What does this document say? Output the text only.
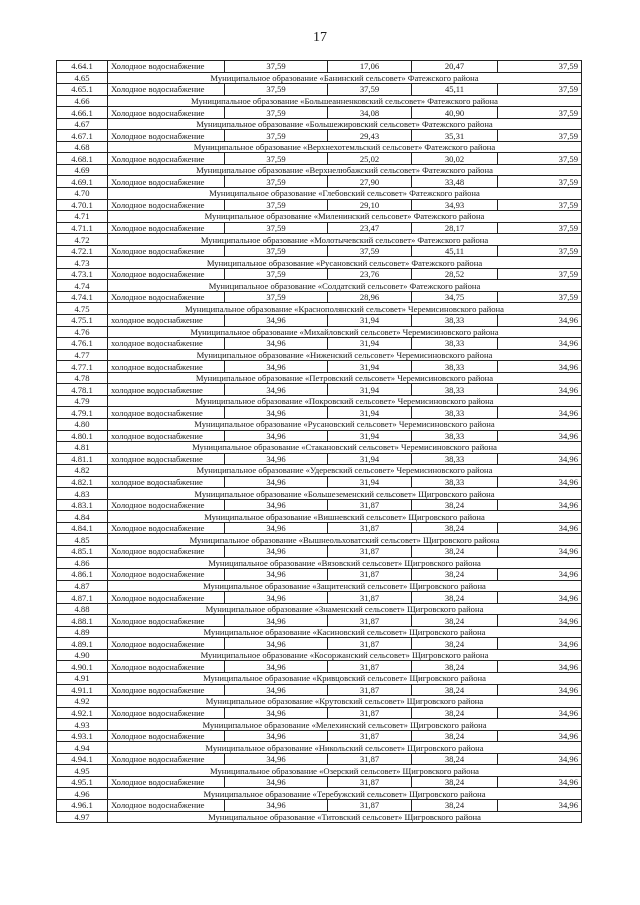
17
4.64.1	Холодное водоснабжение	37,59	17,06	20,47	37,59
4.65	Муниципальное образование «Банинский сельсовет» Фатежского района				
4.65.1	Холодное водоснабжение	37,59	37,59	45,11	37,59
4.66	Муниципальное образование «Большеанненковский сельсовет» Фатежского района				
4.66.1	Холодное водоснабжение	37,59	34,08	40,90	37,59
4.67	Муниципальное образование «Большежировский сельсовет» Фатежского района				
4.67.1	Холодное водоснабжение	37,59	29,43	35,31	37,59
4.68	Муниципальное образование «Верхнехотемльский сельсовет» Фатежского района				
4.68.1	Холодное водоснабжение	37,59	25,02	30,02	37,59
4.69	Муниципальное образование «Верхнелюбажский сельсовет» Фатежского района				
4.69.1	Холодное водоснабжение	37,59	27,90	33,48	37,59
4.70	Муниципальное образование «Глебовский сельсовет» Фатежского района				
4.70.1	Холодное водоснабжение	37,59	29,10	34,93	37,59
4.71	Муниципальное образование «Миленинский сельсовет» Фатежского района				
4.71.1	Холодное водоснабжение	37,59	23,47	28,17	37,59
4.72	Муниципальное образование «Молотычевский сельсовет» Фатежского района				
4.72.1	Холодное водоснабжение	37,59	37,59	45,11	37,59
4.73	Муниципальное образование «Русановский сельсовет» Фатежского района				
4.73.1	Холодное водоснабжение	37,59	23,76	28,52	37,59
4.74	Муниципальное образование «Солдатский сельсовет» Фатежского района				
4.74.1	Холодное водоснабжение	37,59	28,96	34,75	37,59
4.75	Муниципальное образование «Краснополянский сельсовет» Черемисиновского района				
4.75.1	холодное водоснабжение	34,96	31,94	38,33	34,96
4.76	Муниципальное образование «Михайловский сельсовет» Черемисиновского района				
4.76.1	холодное водоснабжение	34,96	31,94	38,33	34,96
4.77	Муниципальное образование «Ниженский сельсовет» Черемисиновского района				
4.77.1	холодное водоснабжение	34,96	31,94	38,33	34,96
4.78	Муниципальное образование «Петровский сельсовет» Черемисиновского района				
4.78.1	холодное водоснабжение	34,96	31,94	38,33	34,96
4.79	Муниципальное образование «Покровский сельсовет» Черемисиновского района				
4.79.1	холодное водоснабжение	34,96	31,94	38,33	34,96
4.80	Муниципальное образование «Русановский сельсовет» Черемисиновского района				
4.80.1	холодное водоснабжение	34,96	31,94	38,33	34,96
4.81	Муниципальное образование «Стакановский сельсовет» Черемисиновского района				
4.81.1	холодное водоснабжение	34,96	31,94	38,33	34,96
4.82	Муниципальное образование «Удеревский сельсовет» Черемисиновского района				
4.82.1	холодное водоснабжение	34,96	31,94	38,33	34,96
4.83	Муниципальное образование «Большеземенский сельсовет» Щигровского района				
4.83.1	Холодное водоснабжение	34,96	31,87	38,24	34,96
4.84	Муниципальное образование «Вишневский сельсовет» Щигровского района				
4.84.1	Холодное водоснабжение	34,96	31,87	38,24	34,96
4.85	Муниципальное образование «Вышнеольховатский сельсовет» Щигровского района				
4.85.1	Холодное водоснабжение	34,96	31,87	38,24	34,96
4.86	Муниципальное образование «Вязовский сельсовет» Щигровского района				
4.86.1	Холодное водоснабжение	34,96	31,87	38,24	34,96
4.87	Муниципальное образование «Защитенский сельсовет» Щигровского района				
4.87.1	Холодное водоснабжение	34,96	31,87	38,24	34,96
4.88	Муниципальное образование «Знаменский сельсовет» Щигровского района				
4.88.1	Холодное водоснабжение	34,96	31,87	38,24	34,96
4.89	Муниципальное образование «Касиновский сельсовет» Щигровского района				
4.89.1	Холодное водоснабжение	34,96	31,87	38,24	34,96
4.90	Муниципальное образование «Косоржанский сельсовет» Щигровского района				
4.90.1	Холодное водоснабжение	34,96	31,87	38,24	34,96
4.91	Муниципальное образование «Кривцовский сельсовет» Щигровского района				
4.91.1	Холодное водоснабжение	34,96	31,87	38,24	34,96
4.92	Муниципальное образование «Крутовский сельсовет» Щигровского района				
4.92.1	Холодное водоснабжение	34,96	31,87	38,24	34,96
4.93	Муниципальное образование «Мелехинский сельсовет» Щигровского района				
4.93.1	Холодное водоснабжение	34,96	31,87	38,24	34,96
4.94	Муниципальное образование «Никольский сельсовет» Щигровского района				
4.94.1	Холодное водоснабжение	34,96	31,87	38,24	34,96
4.95	Муниципальное образование «Озерский сельсовет» Щигровского района				
4.95.1	Холодное водоснабжение	34,96	31,87	38,24	34,96
4.96	Муниципальное образование «Теребужский сельсовет» Щигровского района				
4.96.1	Холодное водоснабжение	34,96	31,87	38,24	34,96
4.97	Муниципальное образование «Титовский сельсовет» Щигровского района				
